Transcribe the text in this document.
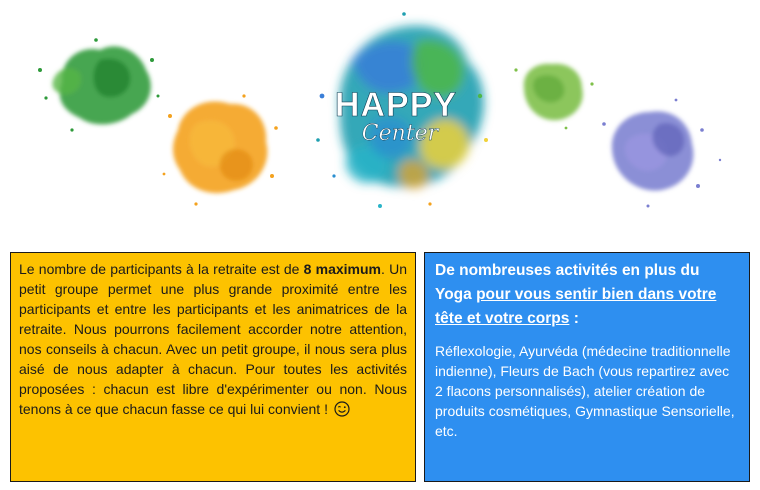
HAPPY
Center

Le nombre de participants à la retraite est de 8 maximum. Un petit groupe permet une plus grande proximité entre les participants et entre les participants et les animatrices de la retraite. Nous pourrons facilement accorder notre attention, nos conseils à chacun. Avec un petit groupe, il nous sera plus aisé de nous adapter à chacun. Pour toutes les activités proposées : chacun est libre d'expérimenter ou non. Nous tenons à ce que chacun fasse ce qui lui convient !

De nombreuses activités en plus du Yoga pour vous sentir bien dans votre tête et votre corps :

Réflexologie, Ayurvéda (médecine traditionnelle indienne), Fleurs de Bach (vous repartirez avec 2 flacons personnalisés), atelier création de produits cosmétiques, Gymnastique Sensorielle, etc.
